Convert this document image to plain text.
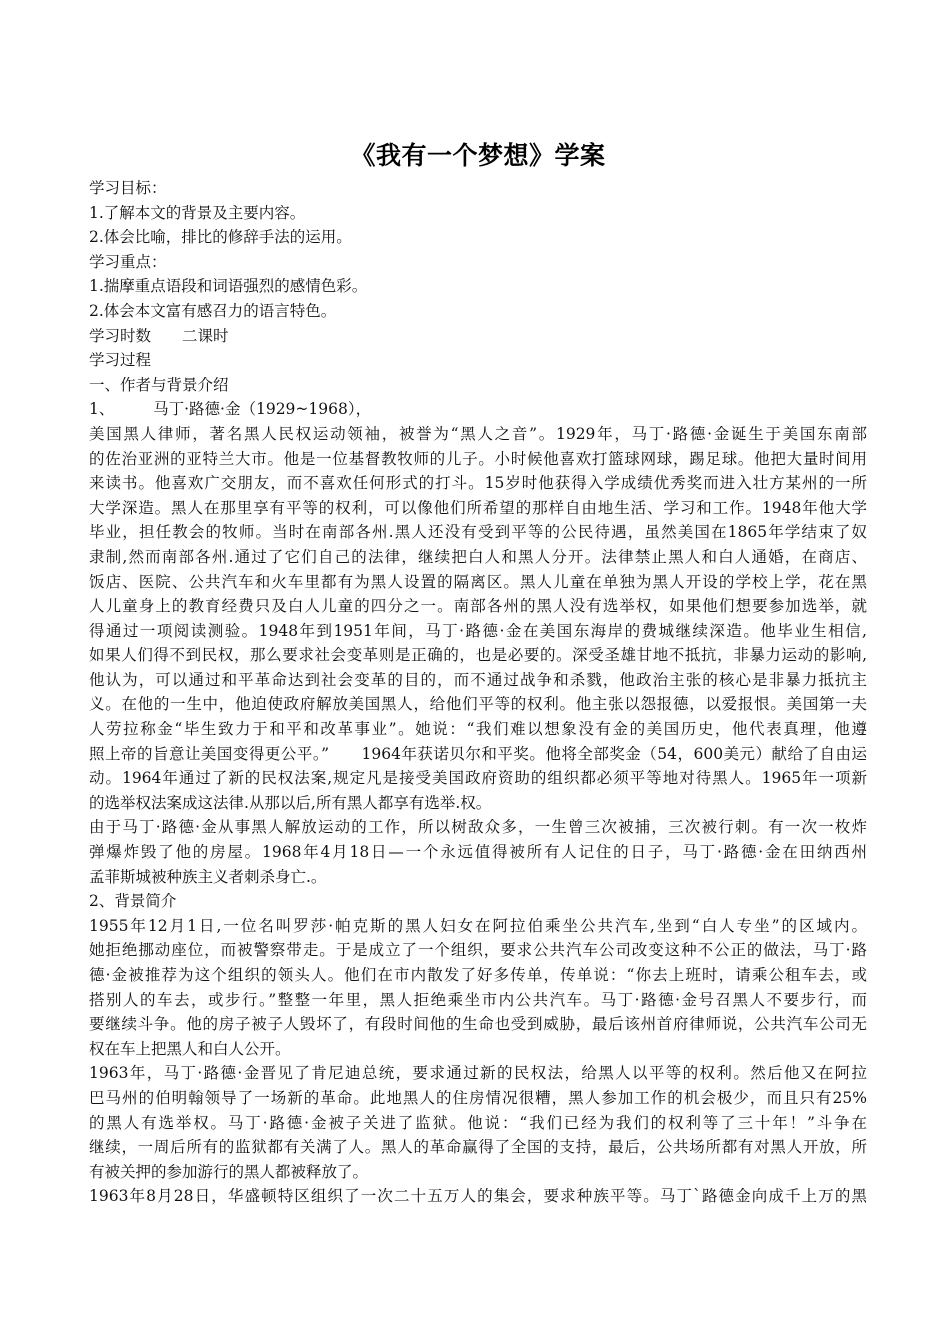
《我有一个梦想》学案
学习目标：
1.了解本文的背景及主要内容。
2.体会比喻，排比的修辞手法的运用。
学习重点：
1.揣摩重点语段和词语强烈的感情色彩。
2.体会本文富有感召力的语言特色。
学习时数　　二课时
学习过程
一、作者与背景介绍
1、　　　马丁·路德·金（1929~1968），
美国黑人律师，著名黑人民权运动领袖，被誉为“黑人之音”。1929年，马丁·路德·金诞生于美国东南部
的佐治亚洲的亚特兰大市。他是一位基督教牧师的儿子。小时候他喜欢打篮球网球，踢足球。他把大量时间用
来读书。他喜欢广交朋友，而不喜欢任何形式的打斗。15岁时他获得入学成绩优秀奖而进入壮方某州的一所
大学深造。黑人在那里享有平等的权利，可以像他们所希望的那样自由地生活、学习和工作。1948年他大学
毕业，担任教会的牧师。当时在南部各州.黑人还没有受到平等的公民待遇，虽然美国在1865年学结束了奴
隶制,然而南部各州.通过了它们自己的法律，继续把白人和黑人分开。法律禁止黑人和白人通婚，在商店、
饭店、医院、公共汽车和火车里都有为黑人设置的隔离区。黑人儿童在单独为黑人开设的学校上学，花在黑
人儿童身上的教育经费只及白人儿童的四分之一。南部各州的黑人没有选举权，如果他们想要参加选举，就
得通过一项阅读测验。1948年到1951年间，马丁·路德·金在美国东海岸的费城继续深造。他毕业生相信,
如果人们得不到民权，那么要求社会变革则是正确的，也是必要的。深受圣雄甘地不抵抗，非暴力运动的影响,
他认为，可以通过和平革命达到社会变革的目的，而不通过战争和杀戮，他政治主张的核心是非暴力抵抗主
义。在他的一生中，他迫使政府解放美国黑人，给他们平等的权利。他主张以怨报德，以爱报恨。美国第一夫
人劳拉称金“毕生致力于和平和改革事业”。她说：“我们难以想象没有金的美国历史，他代表真理，他遵
照上帝的旨意让美国变得更公平。”　　1964年获诺贝尔和平奖。他将全部奖金（54，600美元）献给了自由运
动。1964年通过了新的民权法案,规定凡是接受美国政府资助的组织都必须平等地对待黑人。1965年一项新
的选举权法案成这法律.从那以后,所有黑人都享有选举.权。
由于马丁·路德·金从事黑人解放运动的工作，所以树敌众多，一生曾三次被捕，三次被行刺。有一次一枚炸
弹爆炸毁了他的房屋。1968年4月18日—一个永远值得被所有人记住的日子，马丁·路德·金在田纳西州
孟菲斯城被种族主义者刺杀身亡.。
2、背景简介
1955年12月1日,一位名叫罗莎·帕克斯的黑人妇女在阿拉伯乘坐公共汽车,坐到“白人专坐”的区域内。
她拒绝挪动座位，而被警察带走。于是成立了一个组织，要求公共汽车公司改变这种不公正的做法，马丁·路
德·金被推荐为这个组织的领头人。他们在市内散发了好多传单，传单说：“你去上班时，请乘公租车去，或
搭别人的车去，或步行。”整整一年里，黑人拒绝乘坐市内公共汽车。马丁·路德·金号召黑人不要步行，而
要继续斗争。他的房子被子人毁坏了，有段时间他的生命也受到威胁，最后该州首府律师说，公共汽车公司无
权在车上把黑人和白人公开。
1963年，马丁·路德·金晋见了肯尼迪总统，要求通过新的民权法，给黑人以平等的权利。然后他又在阿拉
巴马州的伯明翰领导了一场新的革命。此地黑人的住房情况很糟，黑人参加工作的机会极少，而且只有25%
的黑人有选举权。马丁·路德·金被子关进了监狱。他说：“我们已经为我们的权利等了三十年！”斗争在
继续，一周后所有的监狱都有关满了人。黑人的革命赢得了全国的支持，最后，公共场所都有对黑人开放，所
有被关押的参加游行的黑人都被释放了。
1963年8月28日，华盛顿特区组织了一次二十五万人的集会，要求种族平等。马丁`路德金向成千上万的黑
